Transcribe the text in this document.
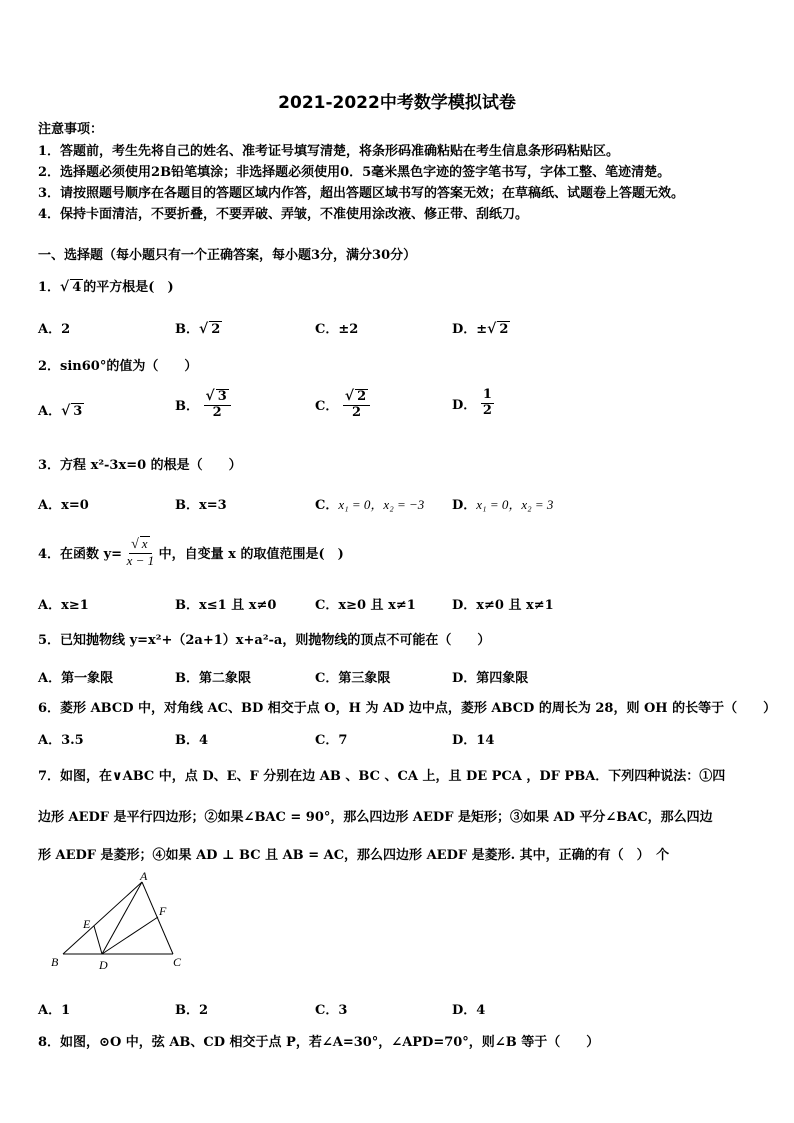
2021-2022中考数学模拟试卷
注意事项：
1．答题前，考生先将自己的姓名、准考证号填写清楚，将条形码准确粘贴在考生信息条形码粘贴区。
2．选择题必须使用2B铅笔填涂；非选择题必须使用0．5毫米黑色字迹的签字笔书写，字体工整、笔迹清楚。
3．请按照题号顺序在各题目的答题区域内作答，超出答题区域书写的答案无效；在草稿纸、试题卷上答题无效。
4．保持卡面清洁，不要折叠，不要弄破、弄皱，不准使用涂改液、修正带、刮纸刀。
一、选择题（每小题只有一个正确答案，每小题3分，满分30分）
1．√ 4 的平方根是(　)
A．2	B．√ 2	C．±2	D．±√ 2
2．sin60°的值为（　　）
A．√ 3	B． $\frac{√ 3}{2}$	C． $\frac{√ 2}{2}$	D． $\frac{1}{2}$
3．方程 x²-3x=0 的根是（　　）
A．x=0	B．x=3	C．x₁ = 0，x₂ = −3 D．x₁ = 0，x₂ = 3
4．在函数 $y= \frac{√ x}{x - 1}$ 中，自变量 x 的取值范围是(　)
A．x≥1	B．x≤1 且 x≠0	C．x≥0 且 x≠1	D．x≠0 且 x≠1
5．已知抛物线 y=x²+（2a+1）x+a²-a，则抛物线的顶点不可能在（　　）
A．第一象限	B．第二象限	C．第三象限	D．第四象限
6．菱形 ABCD 中，对角线 AC、BD 相交于点 O，H 为 AD 边中点，菱形 ABCD 的周长为 28，则 OH 的长等于（　　）
A．3.5	B．4	C．7	D．14
7．如图，在∨ABC 中，点 D、E、F 分别在边 AB 、BC 、CA 上，且 DE PCA ，DF PBA．下列四种说法：①四
边形 AEDF 是平行四边形；②如果∠BAC = 90°，那么四边形 AEDF 是矩形；③如果 AD 平分∠BAC，那么四边
形 AEDF 是菱形；④如果 AD ⊥ BC 且 AB = AC，那么四边形 AEDF 是菱形. 其中，正确的有（　）　个
A
B	C
D
E
F
A．1	B．2	C．3	D．4
8．如图，⊙O 中，弦 AB、CD 相交于点 P，若∠A=30°，∠APD=70°，则∠B 等于（　　）
